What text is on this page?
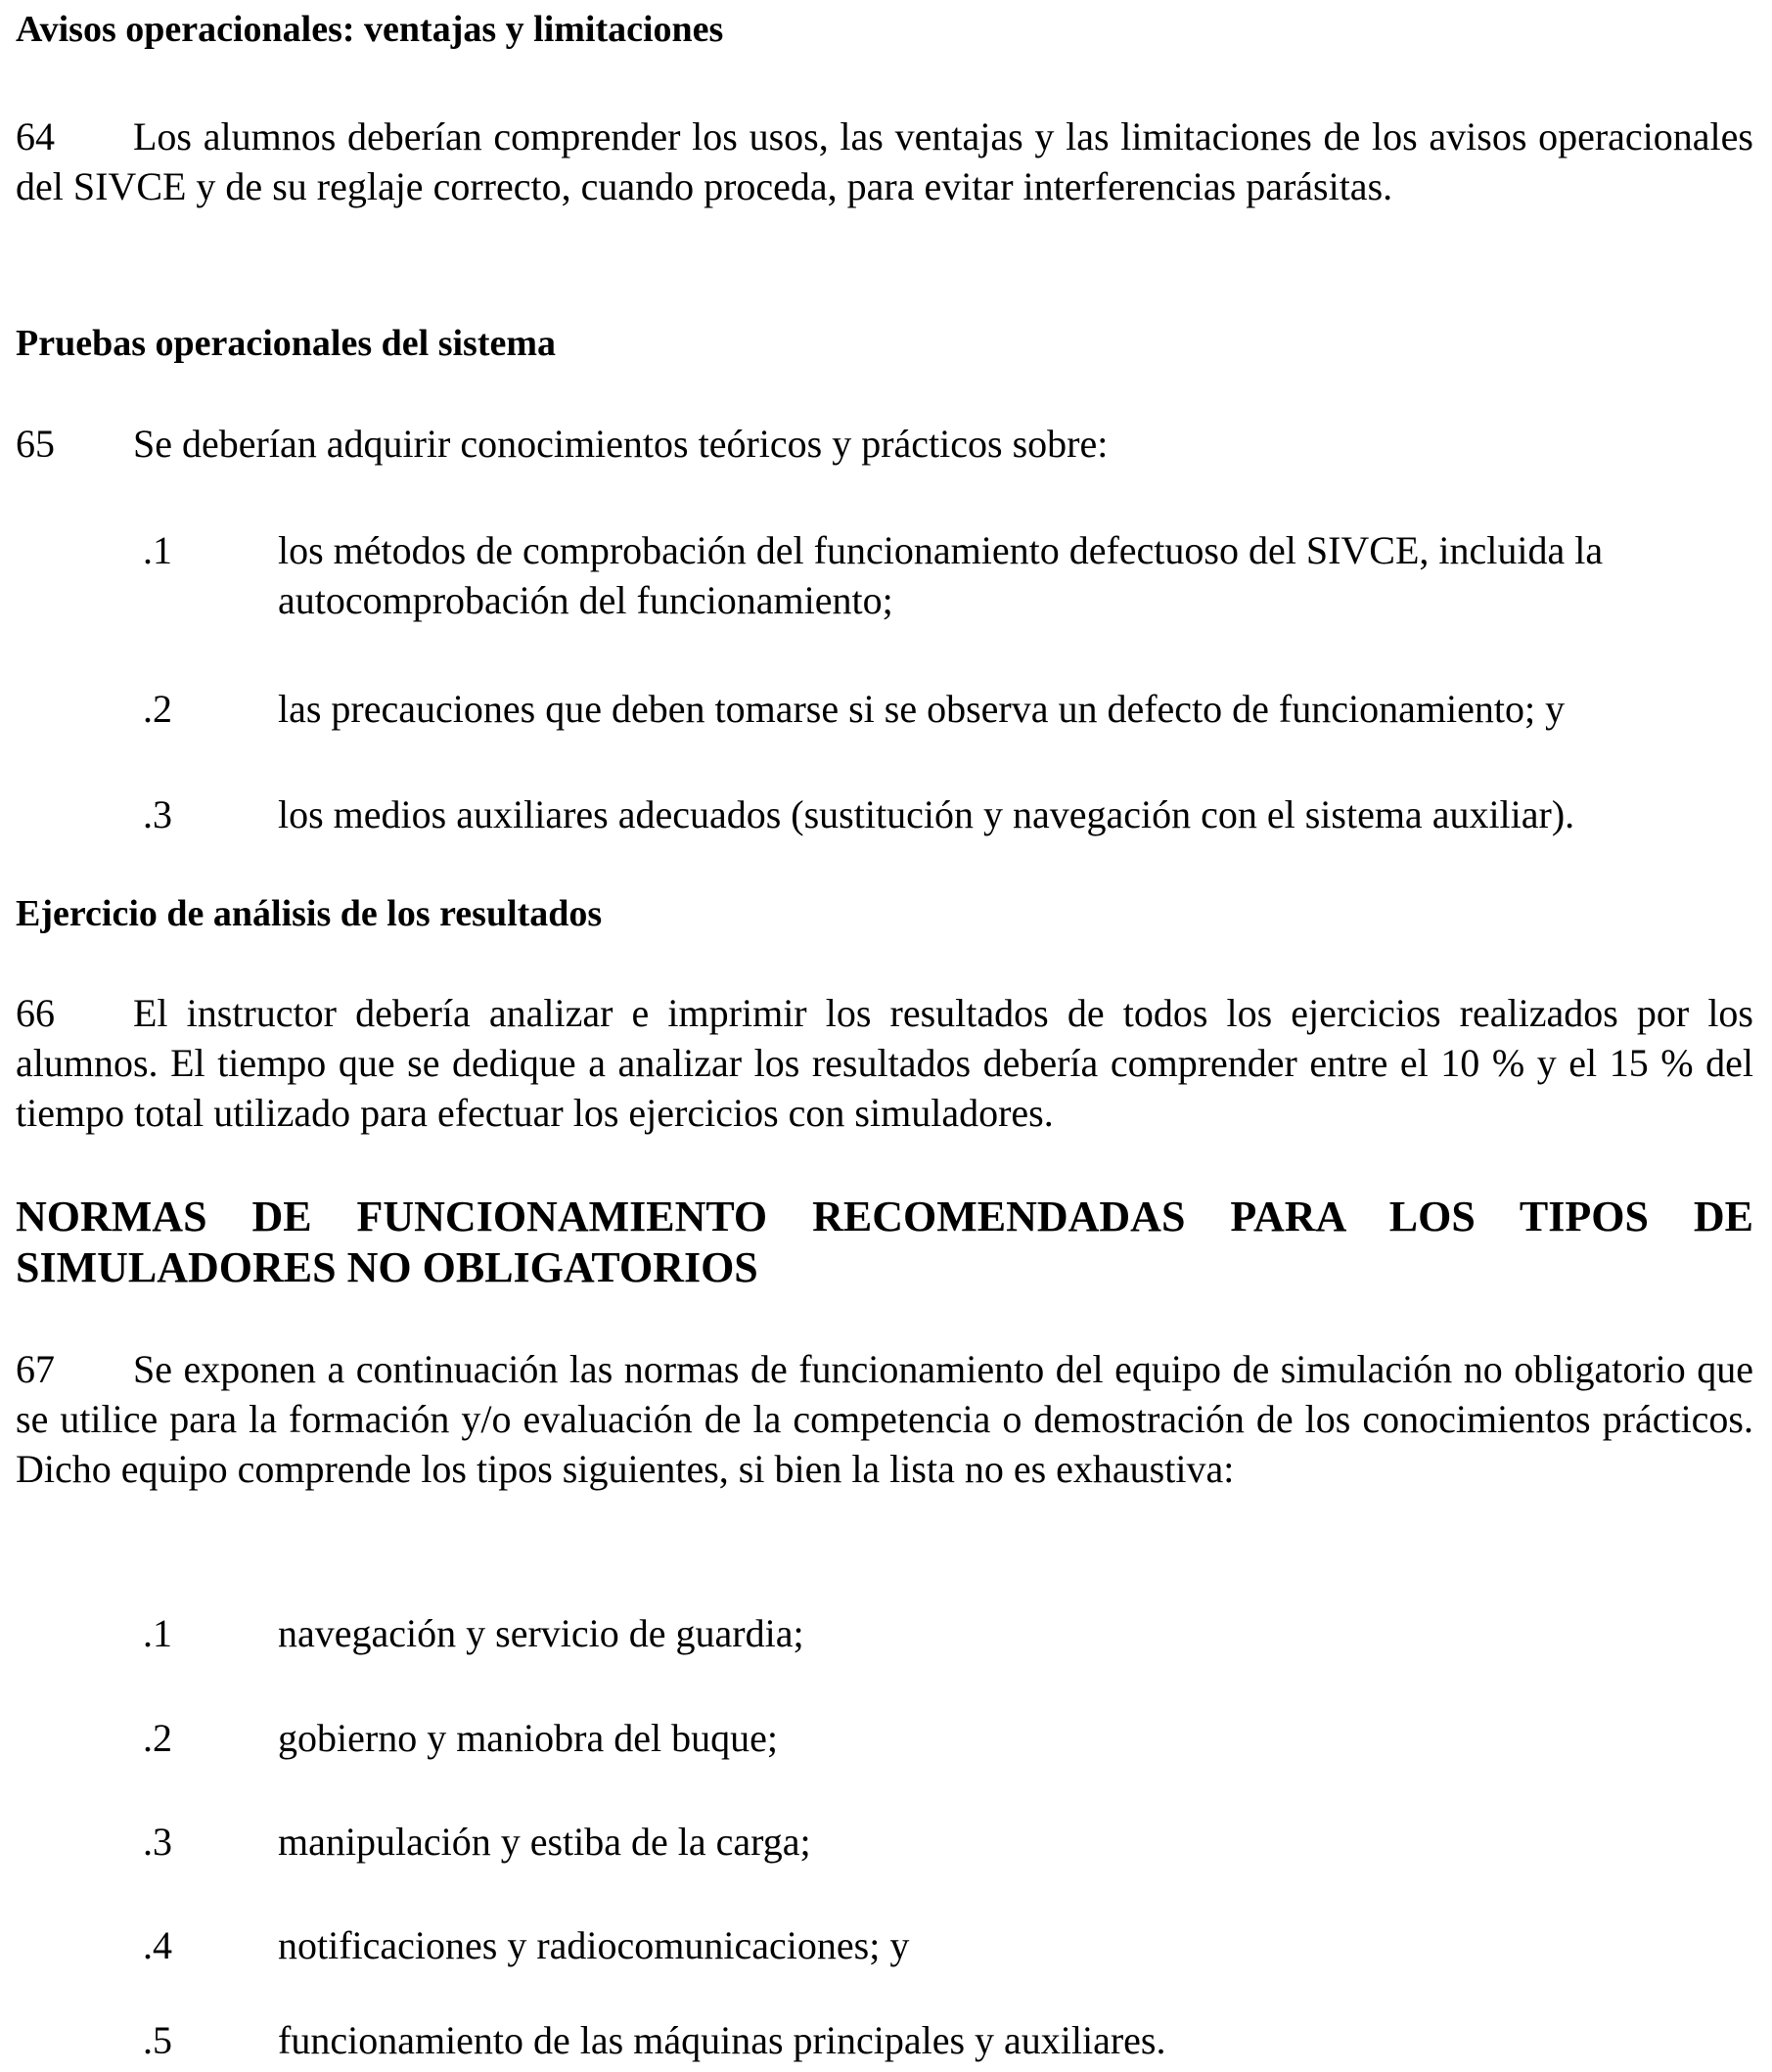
Avisos operacionales: ventajas y limitaciones

64 Los alumnos deberían comprender los usos, las ventajas y las limitaciones de los avisos operacionales del SIVCE y de su reglaje correcto, cuando proceda, para evitar interferencias parásitas.

Pruebas operacionales del sistema

65 Se deberían adquirir conocimientos teóricos y prácticos sobre:

.1	los métodos de comprobación del funcionamiento defectuoso del SIVCE, incluida la autocomprobación del funcionamiento;
.2	las precauciones que deben tomarse si se observa un defecto de funcionamiento; y
.3	los medios auxiliares adecuados (sustitución y navegación con el sistema auxiliar).
Ejercicio de análisis de los resultados

66 El instructor debería analizar e imprimir los resultados de todos los ejercicios realizados por los alumnos. El tiempo que se dedique a analizar los resultados debería comprender entre el 10 % y el 15 % del tiempo total utilizado para efectuar los ejercicios con simuladores.

NORMAS DE FUNCIONAMIENTO RECOMENDADAS PARA LOS TIPOS DE SIMULADORES NO OBLIGATORIOS

67 Se exponen a continuación las normas de funcionamiento del equipo de simulación no obligatorio que se utilice para la formación y/o evaluación de la competencia o demostración de los conocimientos prácticos. Dicho equipo comprende los tipos siguientes, si bien la lista no es exhaustiva:

.1	navegación y servicio de guardia;
.2	gobierno y maniobra del buque;
.3	manipulación y estiba de la carga;
.4	notificaciones y radiocomunicaciones; y
.5	funcionamiento de las máquinas principales y auxiliares.
